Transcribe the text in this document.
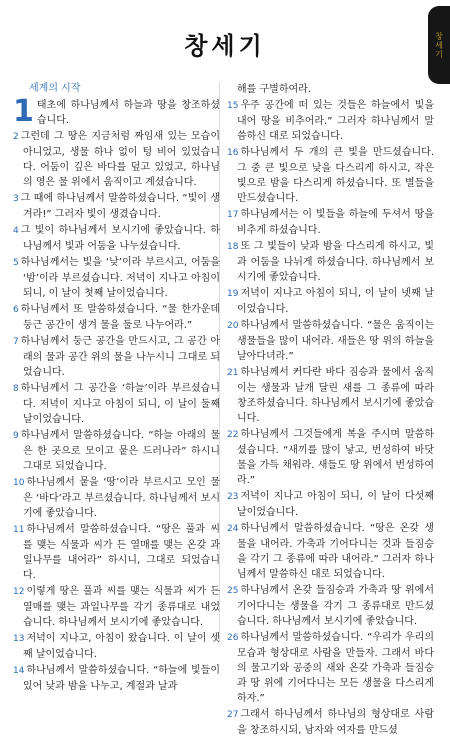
창세기
창세기
세계의 시작

1 태초에 하나님께서 하늘과 땅을 창조하셨습니다.

2 그런데 그 땅은 지금처럼 짜임새 있는 모습이 아니었고, 생물 하나 없이 텅 비어 있었습니다. 어둠이 깊은 바다를 덮고 있었고, 하나님의 영은 물 위에서 움직이고 계셨습니다.

3 그 때에 하나님께서 말씀하셨습니다. “빛이 생겨라!” 그러자 빛이 생겼습니다.

4 그 빛이 하나님께서 보시기에 좋았습니다. 하나님께서 빛과 어둠을 나누셨습니다.

5 하나님께서는 빛을 ‘낮’이라 부르시고, 어둠을 ‘밤’이라 부르셨습니다. 저녁이 지나고 아침이 되니, 이 날이 첫째 날이었습니다.

6 하나님께서 또 말씀하셨습니다. “물 한가운데 둥근 공간이 생겨 물을 둘로 나누어라.”

7 하나님께서 둥근 공간을 만드시고, 그 공간 아래의 물과 공간 위의 물을 나누시니 그대로 되었습니다.

8 하나님께서 그 공간을 ‘하늘’이라 부르셨습니다. 저녁이 지나고 아침이 되니, 이 날이 둘째 날이었습니다.

9 하나님께서 말씀하셨습니다. “하늘 아래의 물은 한 곳으로 모이고 뭍은 드러나라” 하시니 그대로 되었습니다.

10 하나님께서 뭍을 ‘땅’이라 부르시고 모인 물은 ‘바다’라고 부르셨습니다. 하나님께서 보시기에 좋았습니다.

11 하나님께서 말씀하셨습니다. “땅은 풀과 씨를 맺는 식물과 씨가 든 열매를 맺는 온갖 과일나무를 내어라” 하시니, 그대로 되었습니다.

12 이렇게 땅은 풀과 씨를 맺는 식물과 씨가 든 열매를 맺는 과일나무를 각기 종류대로 내었습니다. 하나님께서 보시기에 좋았습니다.

13 저녁이 지나고, 아침이 왔습니다. 이 날이 셋째 날이었습니다.

14 하나님께서 말씀하셨습니다. “하늘에 빛들이 있어 낮과 밤을 나누고, 계절과 날과

해를 구별하여라.

15 우주 공간에 떠 있는 것들은 하늘에서 빛을 내어 땅을 비추어라.” 그러자 하나님께서 말씀하신 대로 되었습니다.

16 하나님께서 두 개의 큰 빛을 만드셨습니다. 그 중 큰 빛으로 낮을 다스리게 하시고, 작은 빛으로 밤을 다스리게 하셨습니다. 또 별들을 만드셨습니다.

17 하나님께서는 이 빛들을 하늘에 두셔서 땅을 비추게 하셨습니다.

18 또 그 빛들이 낮과 밤을 다스리게 하시고, 빛과 어둠을 나뉘게 하셨습니다. 하나님께서 보시기에 좋았습니다.

19 저녁이 지나고 아침이 되니, 이 날이 넷째 날이었습니다.

20 하나님께서 말씀하셨습니다. “물은 움직이는 생물들을 많이 내어라. 새들은 땅 위의 하늘을 날아다녀라.”

21 하나님께서 커다란 바다 짐승과 물에서 움직이는 생물과 날개 달린 새를 그 종류에 따라 창조하셨습니다. 하나님께서 보시기에 좋았습니다.

22 하나님께서 그것들에게 복을 주시며 말씀하셨습니다. “새끼를 많이 낳고, 번성하여 바닷물을 가득 채워라. 새들도 땅 위에서 번성하여라.”

23 저녁이 지나고 아침이 되니, 이 날이 다섯째 날이었습니다.

24 하나님께서 말씀하셨습니다. “땅은 온갖 생물을 내어라. 가축과 기어다니는 것과 들짐승을 각기 그 종류에 따라 내어라.” 그러자 하나님께서 말씀하신 대로 되었습니다.

25 하나님께서 온갖 들짐승과 가축과 땅 위에서 기어다니는 생물을 각기 그 종류대로 만드셨습니다. 하나님께서 보시기에 좋았습니다.

26 하나님께서 말씀하셨습니다. “우리가 우리의 모습과 형상대로 사람을 만들자. 그래서 바다의 물고기와 공중의 새와 온갖 가축과 들짐승과 땅 위에 기어다니는 모든 생물을 다스리게 하자.”

27 그래서 하나님께서 하나님의 형상대로 사람을 창조하시되, 남자와 여자를 만드셨
